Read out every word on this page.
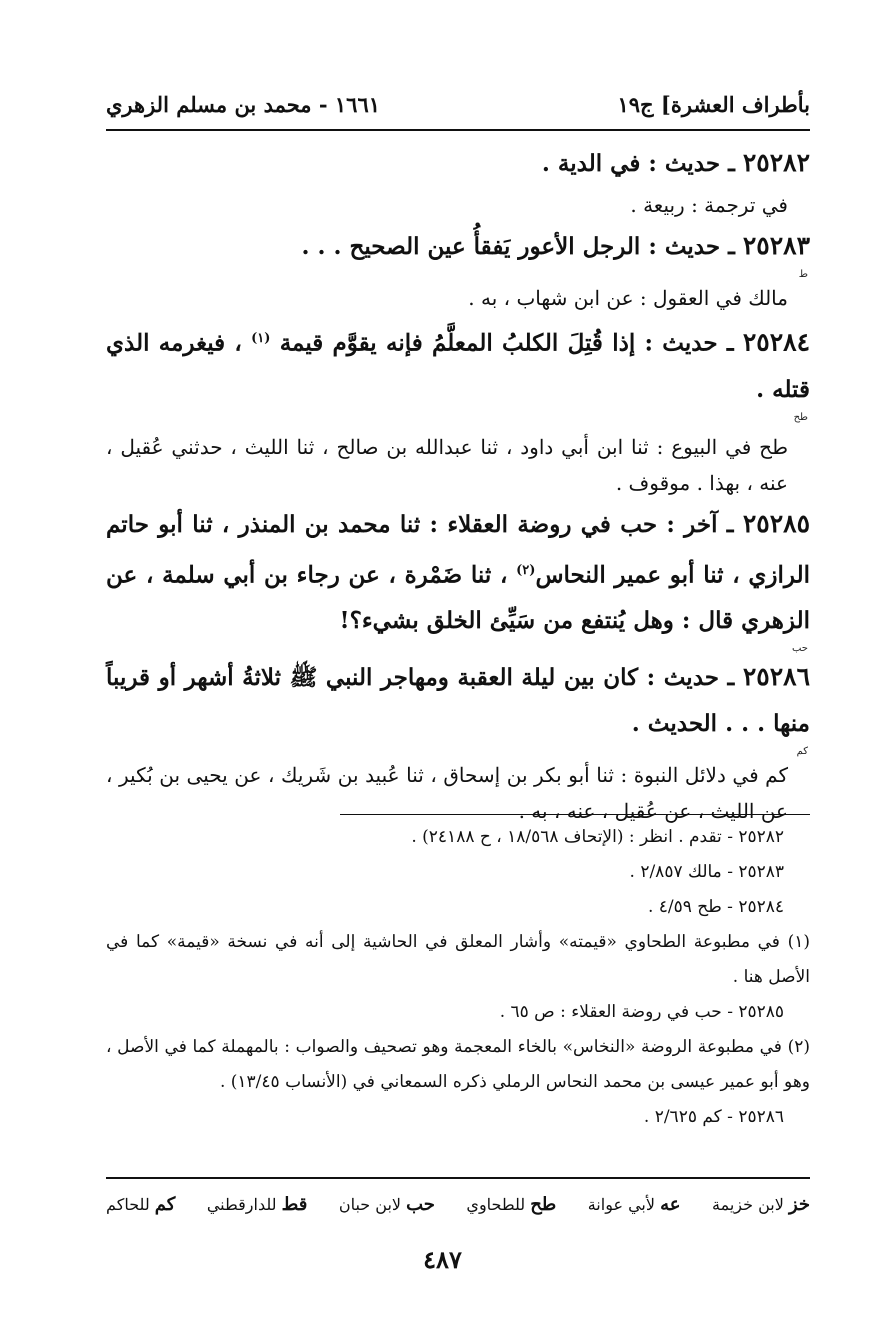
بأطراف العشرة] ج١٩
١٦٦١ - محمد بن مسلم الزهري

٢٥٢٨٢ ـ حديث : في الدية .

في ترجمة : ربيعة .

٢٥٢٨٣ ـ حديث : الرجل الأعور يَفقأُ عين الصحيح . . .

ط

مالك في العقول : عن ابن شهاب ، به .

٢٥٢٨٤ ـ حديث : إذا قُتِلَ الكلبُ المعلَّمُ فإنه يقوَّم قيمة $^{(١)}$ ، فيغرمه الذي قتله .

طح

طح في البيوع : ثنا ابن أبي داود ، ثنا عبدالله بن صالح ، ثنا الليث ، حدثني عُقيل ، عنه ، بهذا . موقوف .

٢٥٢٨٥ ـ آخر : حب في روضة العقلاء : ثنا محمد بن المنذر ، ثنا أبو حاتم الرازي ، ثنا أبو عمير النحاس$^{(٢)}$ ، ثنا ضَمْرة ، عن رجاء بن أبي سلمة ، عن الزهري قال : وهل يُنتفع من سَيِّئ الخلق بشيء؟!

حب

٢٥٢٨٦ ـ حديث : كان بين ليلة العقبة ومهاجر النبي ﷺ ثلاثةُ أشهر أو قريباً منها . . . الحديث .

كم

كم في دلائل النبوة : ثنا أبو بكر بن إسحاق ، ثنا عُبيد بن شَريك ، عن يحيى بن بُكير ، عن الليث ، عن عُقيل ، عنه ، به .

٢٥٢٨٢ - تقدم . انظر : (الإتحاف ١٨/٥٦٨ ، ح ٢٤١٨٨) .

٢٥٢٨٣ - مالك ٢/٨٥٧ .

٢٥٢٨٤ - طح ٤/٥٩ .

(١) في مطبوعة الطحاوي «قيمته» وأشار المعلق في الحاشية إلى أنه في نسخة «قيمة» كما في الأصل هنا .

٢٥٢٨٥ - حب في روضة العقلاء : ص ٦٥ .

(٢) في مطبوعة الروضة «النخاس» بالخاء المعجمة وهو تصحيف والصواب : بالمهملة كما في الأصل ، وهو أبو عمير عيسى بن محمد النحاس الرملي ذكره السمعاني في (الأنساب ١٣/٤٥) .

٢٥٢٨٦ - كم ٢/٦٢٥ .

خز لابن خزيمة
عه لأبي عوانة
طح للطحاوي
حب لابن حبان
قط للدارقطني
كم للحاكم
٤٨٧
